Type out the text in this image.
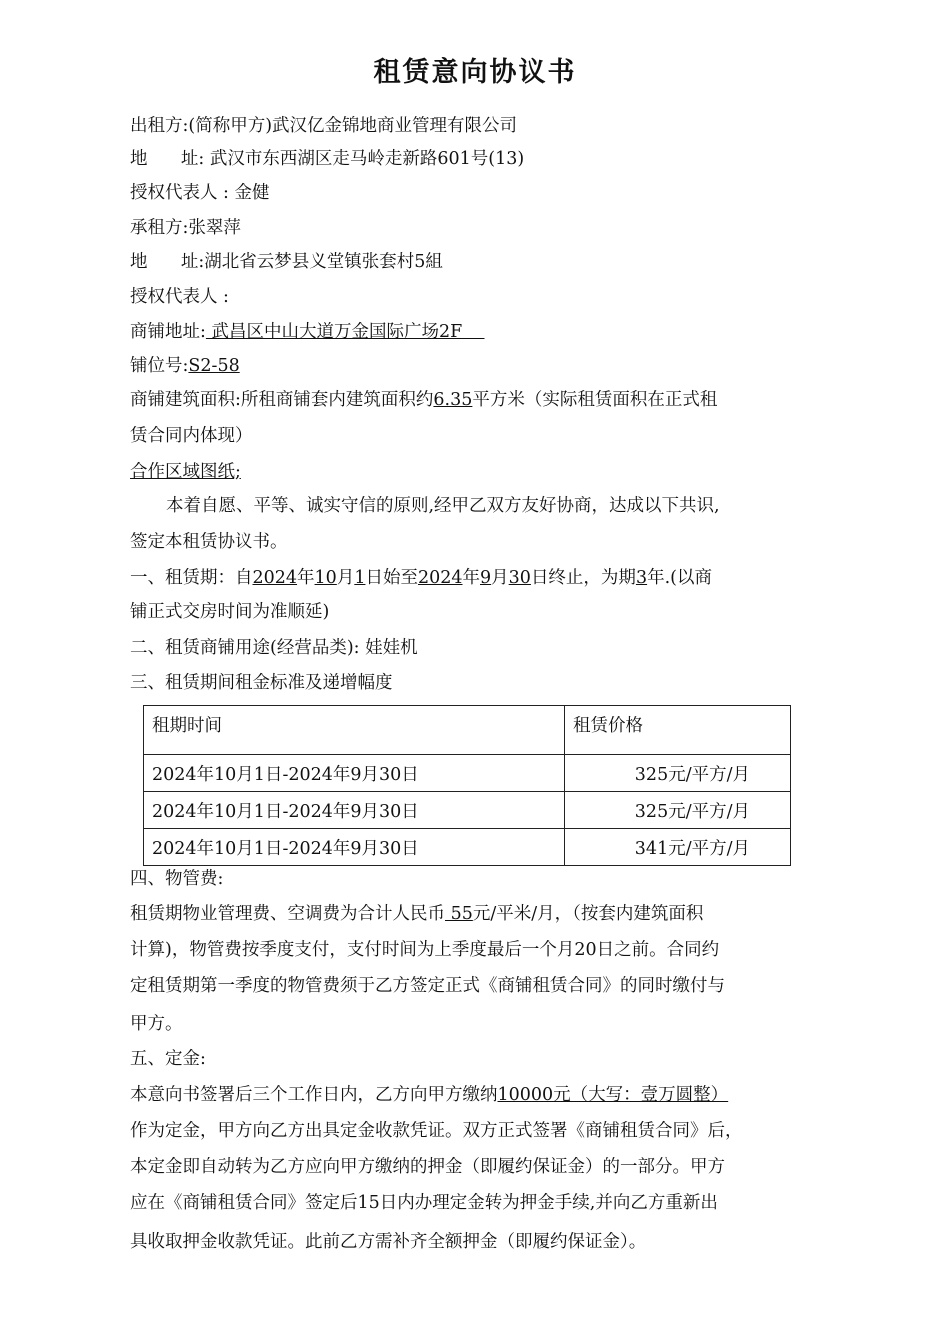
租赁意向协议书
出租方:(简称甲方)武汉亿金锦地商业管理有限公司
地      址: 武汉市东西湖区走马岭走新路601号(13)
授权代表人 : 金健
承租方:张翠萍
地      址:湖北省云梦县义堂镇张套村5組
授权代表人 :
商铺地址: 武昌区中山大道万金国际广场2F
铺位号:S2-58
商铺建筑面积:所租商铺套内建筑面积约6.35平方米（实际租赁面积在正式租
赁合同内体现）
合作区域图纸;
本着自愿、平等、诚实守信的原则,经甲乙双方友好协商，达成以下共识,
签定本租赁协议书。
一、租赁期：自2024年10月1日始至2024年9月30日终止，为期3年.(以商
铺正式交房时间为准顺延)
二、租赁商铺用途(经营品类): 娃娃机
三、租赁期间租金标准及递增幅度
租期时间	租赁价格
2024年10月1日-2024年9月30日	325元/平方/月
2024年10月1日-2024年9月30日	325元/平方/月
2024年10月1日-2024年9月30日	341元/平方/月
四、物管费:
租赁期物业管理费、空调费为合计人民币 55元/平米/月，（按套内建筑面积
计算)，物管费按季度支付，支付时间为上季度最后一个月20日之前。合同约
定租赁期第一季度的物管费须于乙方签定正式《商铺租赁合同》的同时缴付与
甲方。
五、定金:
本意向书签署后三个工作日内，乙方向甲方缴纳10000元（大写：壹万圆整）
作为定金，甲方向乙方出具定金收款凭证。双方正式签署《商铺租赁合同》后，
本定金即自动转为乙方应向甲方缴纳的押金（即履约保证金）的一部分。甲方
应在《商铺租赁合同》签定后15日内办理定金转为押金手续,并向乙方重新出
具收取押金收款凭证。此前乙方需补齐全额押金（即履约保证金）。
